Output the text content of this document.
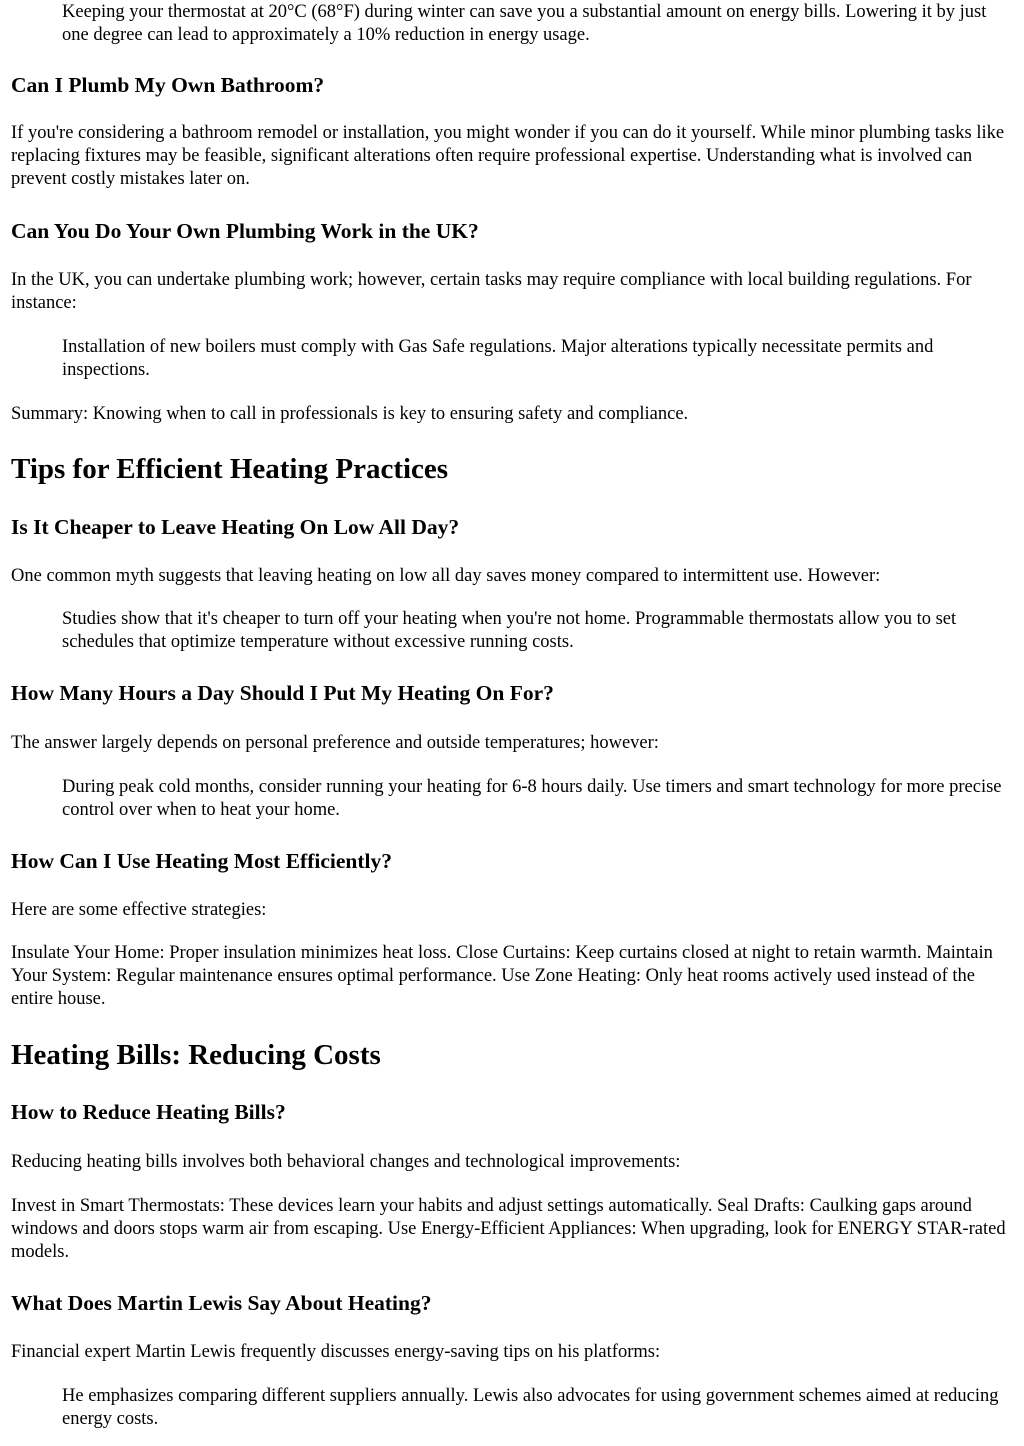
Keeping your thermostat at 20°C (68°F) during winter can save you a substantial amount on energy bills. Lowering it by just one degree can lead to approximately a 10% reduction in energy usage.

Can I Plumb My Own Bathroom?

If you're considering a bathroom remodel or installation, you might wonder if you can do it yourself. While minor plumbing tasks like replacing fixtures may be feasible, significant alterations often require professional expertise. Understanding what is involved can prevent costly mistakes later on.

Can You Do Your Own Plumbing Work in the UK?

In the UK, you can undertake plumbing work; however, certain tasks may require compliance with local building regulations. For instance:

Installation of new boilers must comply with Gas Safe regulations. Major alterations typically necessitate permits and inspections.

Summary: Knowing when to call in professionals is key to ensuring safety and compliance.

Tips for Efficient Heating Practices
Is It Cheaper to Leave Heating On Low All Day?

One common myth suggests that leaving heating on low all day saves money compared to intermittent use. However:

Studies show that it's cheaper to turn off your heating when you're not home. Programmable thermostats allow you to set schedules that optimize temperature without excessive running costs.

How Many Hours a Day Should I Put My Heating On For?

The answer largely depends on personal preference and outside temperatures; however:

During peak cold months, consider running your heating for 6-8 hours daily. Use timers and smart technology for more precise control over when to heat your home.

How Can I Use Heating Most Efficiently?

Here are some effective strategies:

Insulate Your Home: Proper insulation minimizes heat loss. Close Curtains: Keep curtains closed at night to retain warmth. Maintain Your System: Regular maintenance ensures optimal performance. Use Zone Heating: Only heat rooms actively used instead of the entire house.

Heating Bills: Reducing Costs
How to Reduce Heating Bills?

Reducing heating bills involves both behavioral changes and technological improvements:

Invest in Smart Thermostats: These devices learn your habits and adjust settings automatically. Seal Drafts: Caulking gaps around windows and doors stops warm air from escaping. Use Energy-Efficient Appliances: When upgrading, look for ENERGY STAR-rated models.

What Does Martin Lewis Say About Heating?

Financial expert Martin Lewis frequently discusses energy-saving tips on his platforms:

He emphasizes comparing different suppliers annually. Lewis also advocates for using government schemes aimed at reducing energy costs.
